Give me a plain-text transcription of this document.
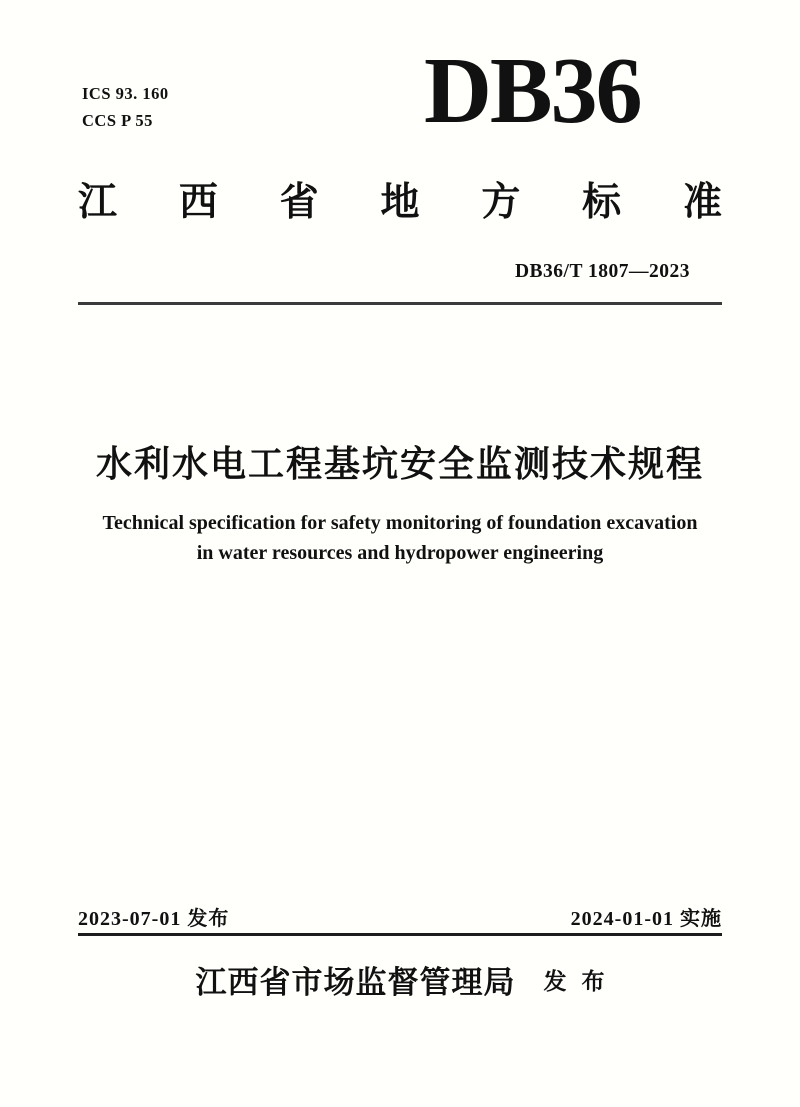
ICS 93. 160
CCS P 55	DB36
江 西 省 地 方 标 准
DB36/T 1807—2023
水利水电工程基坑安全监测技术规程
Technical specification for safety monitoring of foundation excavation
in water resources and hydropower engineering
2023-07-01 发布	2024-01-01 实施
江西省市场监督管理局 发布
